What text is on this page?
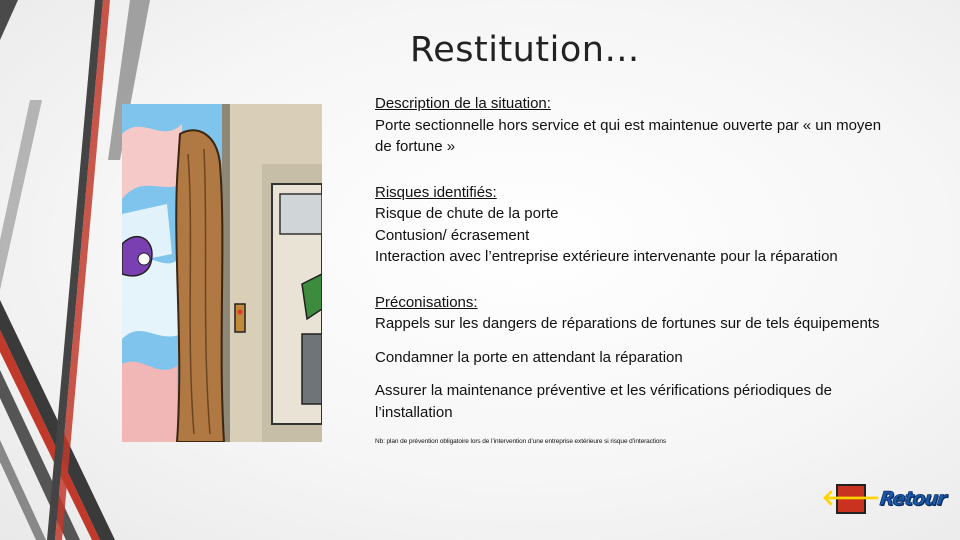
Restitution…
Description de la situation:
Porte sectionnelle hors service et qui est maintenue ouverte par « un moyen
de fortune »
Risques identifiés:
Risque de chute de la porte
Contusion/ écrasement
Interaction avec l’entreprise extérieure intervenante pour la réparation
Préconisations:
Rappels sur les dangers de réparations de fortunes sur de tels équipements
Condamner la porte en attendant la réparation
Assurer la maintenance préventive et les vérifications périodiques de
l’installation
Nb: plan de prévention obligatoire lors de l’intervention d’une entreprise extérieure si risque d’interactions
🡐
Retour
